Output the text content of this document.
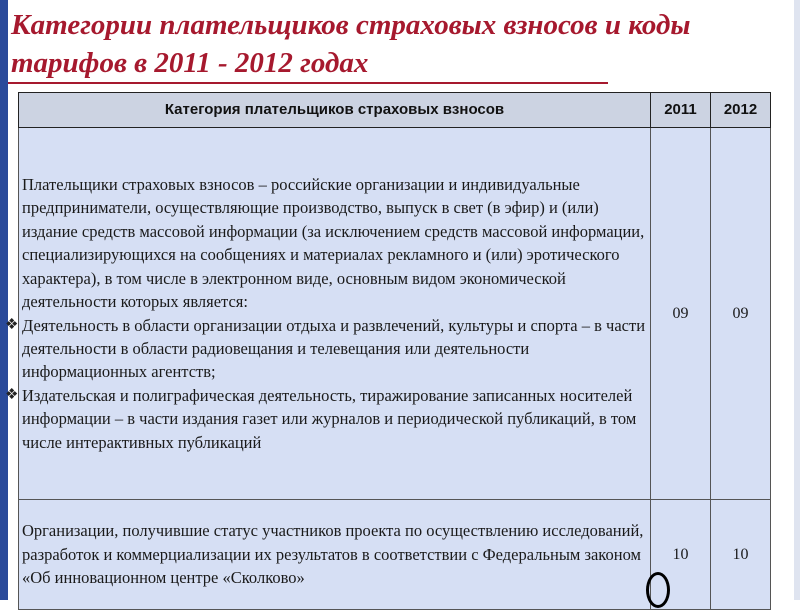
Категории плательщиков страховых взносов и коды тарифов в 2011 - 2012 годах
Категория плательщиков страховых взносов	2011	2012

Плательщики страховых взносов – российские организации и индивидуальные предприниматели, осуществляющие производство, выпуск в свет (в эфир) и (или) издание средств массовой информации (за исключением средств массовой информации, специализирующихся на сообщениях и материалах рекламного и (или) эротического характера), в том числе в электронном виде, основным видом экономической деятельности которых является:
❖ Деятельность в области организации отдыха и развлечений, культуры и спорта – в части деятельности в области радиовещания и телевещания или деятельности информационных агентств;
❖ Издательская и полиграфическая деятельность, тиражирование записанных носителей информации – в части издания газет или журналов и периодической публикаций, в том числе интерактивных публикаций	09	09

Организации, получившие статус участников проекта по осуществлению исследований, разработок и коммерциализации их результатов в соответствии с Федеральным законом «Об инновационном центре «Сколково»	10	10
